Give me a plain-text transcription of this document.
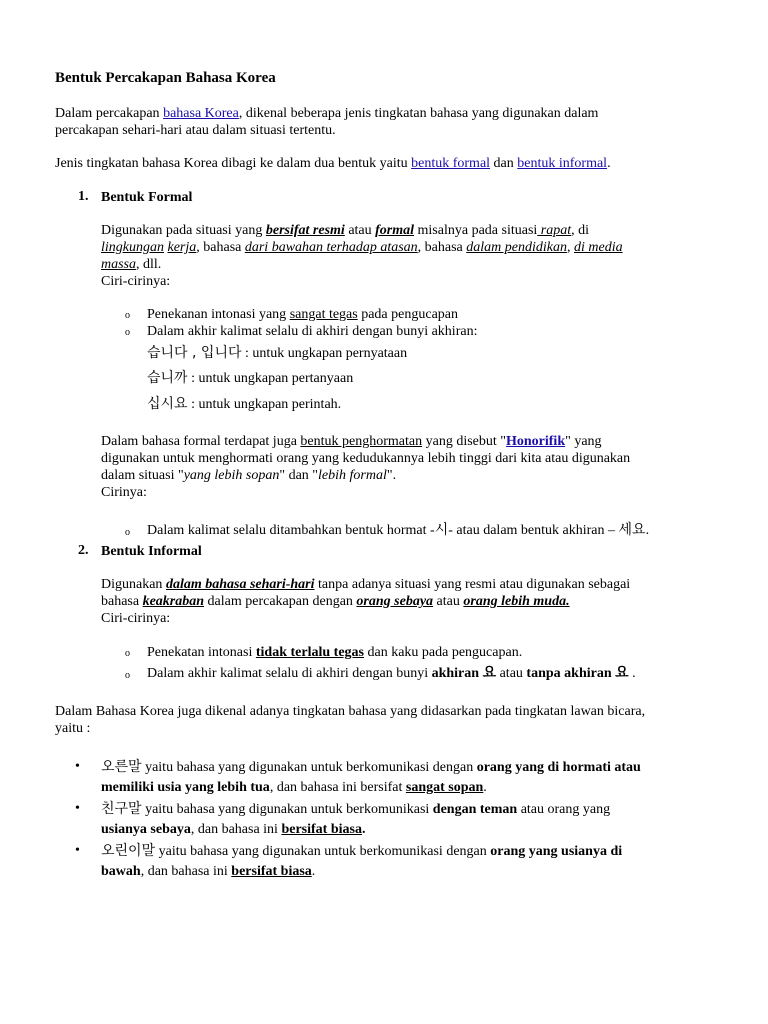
Bentuk Percakapan Bahasa Korea
Dalam percakapan bahasa Korea, dikenal beberapa jenis tingkatan bahasa yang digunakan dalam
percakapan sehari-hari atau dalam situasi tertentu.
Jenis tingkatan bahasa Korea dibagi ke dalam dua bentuk yaitu bentuk formal dan bentuk informal.
1. Bentuk Formal
Digunakan pada situasi yang bersifat resmi atau formal misalnya pada situasi rapat, di
lingkungan kerja, bahasa dari bawahan terhadap atasan, bahasa dalam pendidikan, di media
massa, dll.
Ciri-cirinya:
o Penekanan intonasi yang sangat tegas pada pengucapan
o Dalam akhir kalimat selalu di akhiri dengan bunyi akhiran:
습니다 , 입니다 : untuk ungkapan pernyataan
습니까 : untuk ungkapan pertanyaan
십시요 : untuk ungkapan perintah.
Dalam bahasa formal terdapat juga bentuk penghormatan yang disebut "Honorifik" yang
digunakan untuk menghormati orang yang kedudukannya lebih tinggi dari kita atau digunakan
dalam situasi "yang lebih sopan" dan "lebih formal".
Cirinya:
o Dalam kalimat selalu ditambahkan bentuk hormat -시- atau dalam bentuk akhiran – 세요.
2. Bentuk Informal
Digunakan dalam bahasa sehari-hari tanpa adanya situasi yang resmi atau digunakan sebagai
bahasa keakraban dalam percakapan dengan orang sebaya atau orang lebih muda.
Ciri-cirinya:
o Penekatan intonasi tidak terlalu tegas dan kaku pada pengucapan.
o Dalam akhir kalimat selalu di akhiri dengan bunyi akhiran 요 atau tanpa akhiran 요 .
Dalam Bahasa Korea juga dikenal adanya tingkatan bahasa yang didasarkan pada tingkatan lawan bicara,
yaitu :
• 오른말 yaitu bahasa yang digunakan untuk berkomunikasi dengan orang yang di hormati atau
memiliki usia yang lebih tua, dan bahasa ini bersifat sangat sopan.
• 친구말 yaitu bahasa yang digunakan untuk berkomunikasi dengan teman atau orang yang
usianya sebaya, dan bahasa ini bersifat biasa.
• 오린이말 yaitu bahasa yang digunakan untuk berkomunikasi dengan orang yang usianya di
bawah, dan bahasa ini bersifat biasa.
